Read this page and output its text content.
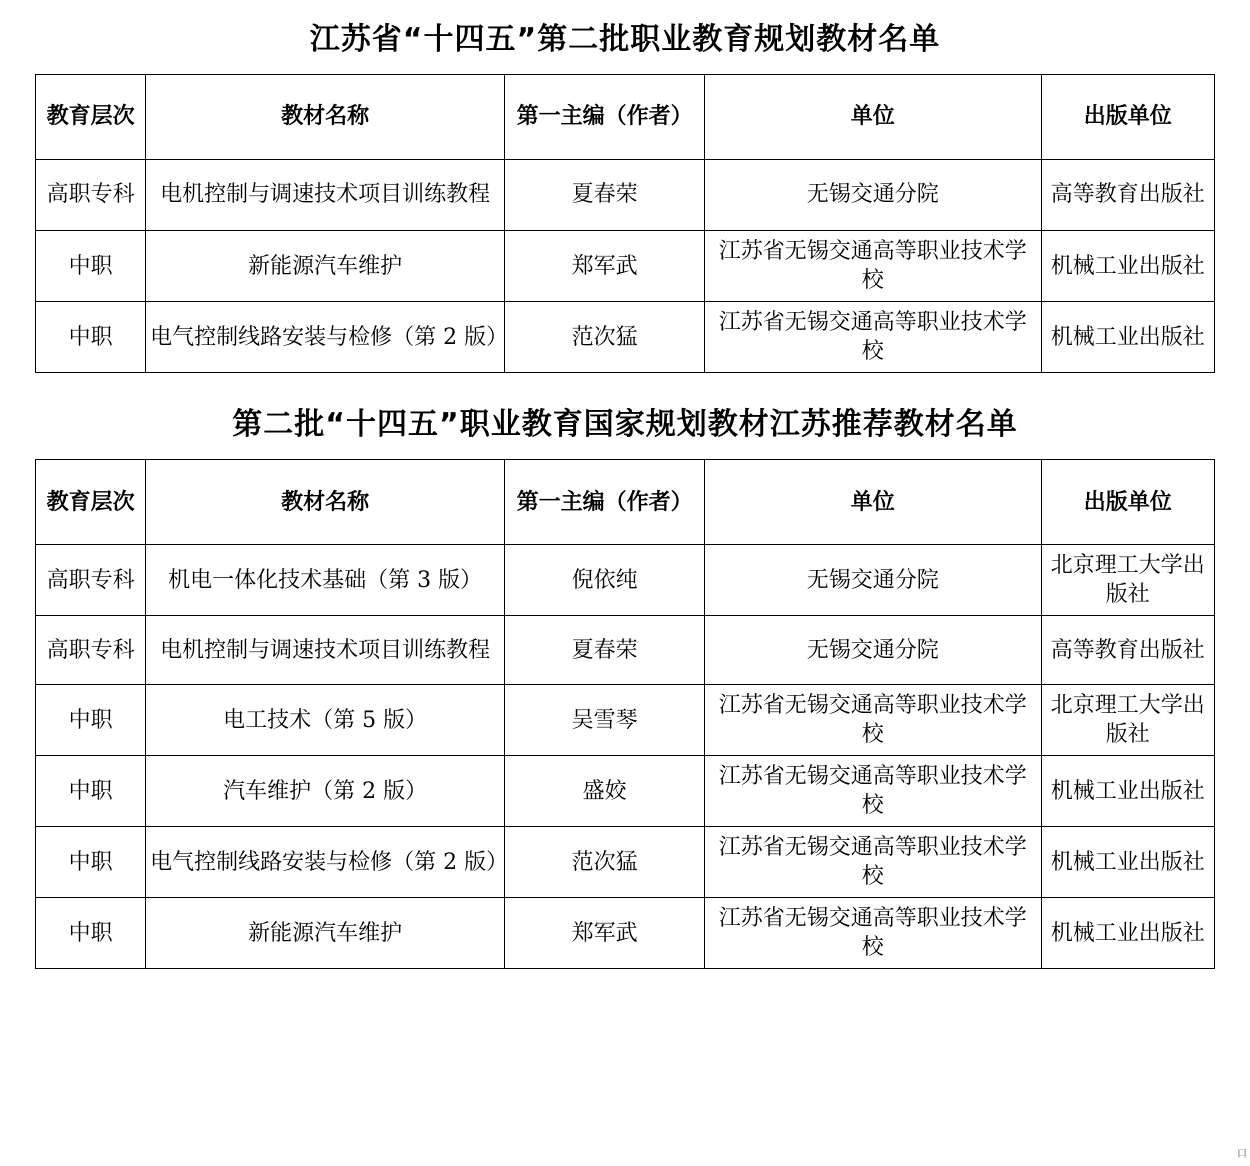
江苏省“十四五”第二批职业教育规划教材名单
教育层次	教材名称	第一主编（作者）	单位	出版单位
高职专科	电机控制与调速技术项目训练教程	夏春荣	无锡交通分院	高等教育出版社
中职	新能源汽车维护	郑军武	江苏省无锡交通高等职业技术学校	机械工业出版社
中职	电气控制线路安装与检修（第 2 版）	范次猛	江苏省无锡交通高等职业技术学校	机械工业出版社
第二批“十四五”职业教育国家规划教材江苏推荐教材名单
教育层次	教材名称	第一主编（作者）	单位	出版单位
高职专科	机电一体化技术基础（第 3 版）	倪依纯	无锡交通分院	北京理工大学出版社
高职专科	电机控制与调速技术项目训练教程	夏春荣	无锡交通分院	高等教育出版社
中职	电工技术（第 5 版）	吴雪琴	江苏省无锡交通高等职业技术学校	北京理工大学出版社
中职	汽车维护（第 2 版）	盛姣	江苏省无锡交通高等职业技术学校	机械工业出版社
中职	电气控制线路安装与检修（第 2 版）	范次猛	江苏省无锡交通高等职业技术学校	机械工业出版社
中职	新能源汽车维护	郑军武	江苏省无锡交通高等职业技术学校	机械工业出版社
口
